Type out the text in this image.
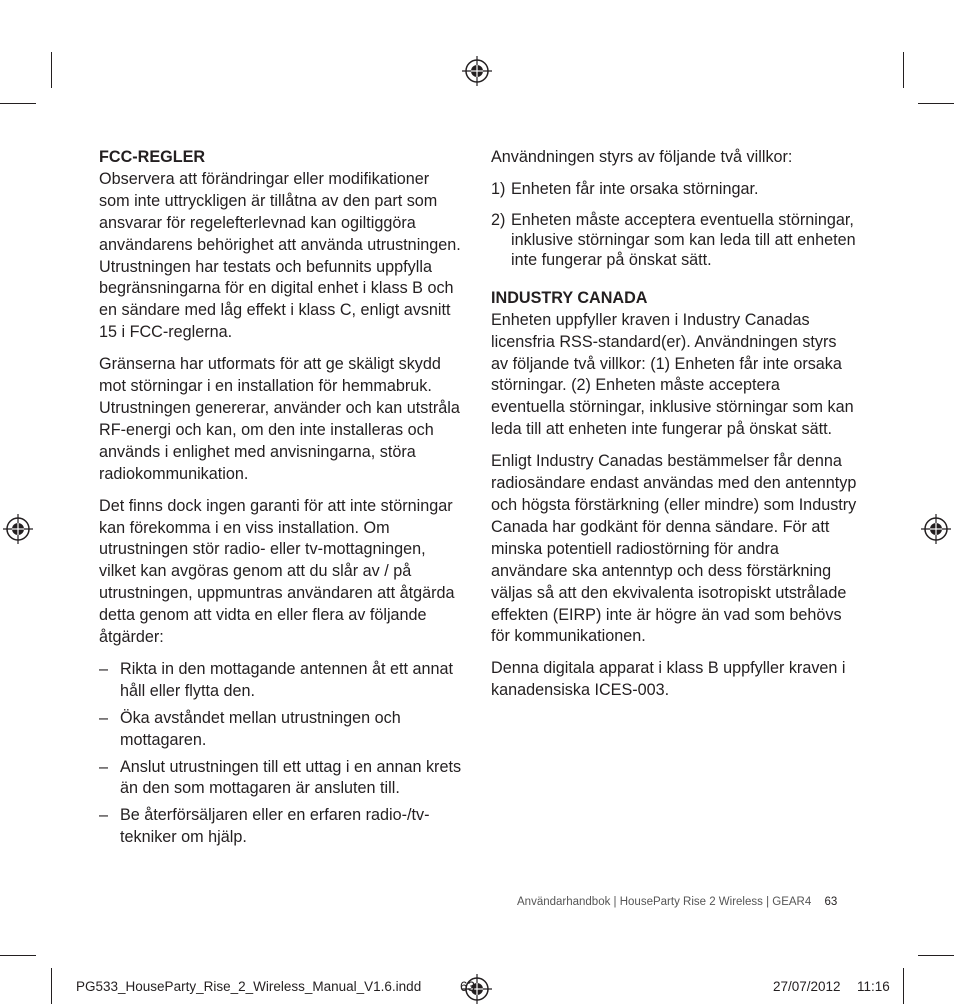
FCC-REGLER
Observera att förändringar eller modifikationer som inte uttryckligen är tillåtna av den part som ansvarar för regelefterlevnad kan ogiltiggöra användarens behörighet att använda utrustningen. Utrustningen har testats och befunnits uppfylla begränsningarna för en digital enhet i klass B och en sändare med låg effekt i klass C, enligt avsnitt 15 i FCC-reglerna.

Gränserna har utformats för att ge skäligt skydd mot störningar i en installation för hemmabruk. Utrustningen genererar, använder och kan utstråla RF-energi och kan, om den inte installeras och används i enlighet med anvisningarna, störa radiokommunikation.

Det finns dock ingen garanti för att inte störningar kan förekomma i en viss installation. Om utrustningen stör radio- eller tv-mottagningen, vilket kan avgöras genom att du slår av / på utrustningen, uppmuntras användaren att åtgärda detta genom att vidta en eller flera av följande åtgärder:

– Rikta in den mottagande antennen åt ett annat håll eller flytta den.
– Öka avståndet mellan utrustningen och mottagaren.
– Anslut utrustningen till ett uttag i en annan krets än den som mottagaren är ansluten till.
– Be återförsäljaren eller en erfaren radio-/tv-tekniker om hjälp.

Användningen styrs av följande två villkor:

1) Enheten får inte orsaka störningar.
2) Enheten måste acceptera eventuella störningar, inklusive störningar som kan leda till att enheten inte fungerar på önskat sätt.

INDUSTRY CANADA
Enheten uppfyller kraven i Industry Canadas licensfria RSS-standard(er). Användningen styrs av följande två villkor: (1) Enheten får inte orsaka störningar. (2) Enheten måste acceptera eventuella störningar, inklusive störningar som kan leda till att enheten inte fungerar på önskat sätt.

Enligt Industry Canadas bestämmelser får denna radiosändare endast användas med den antenntyp och högsta förstärkning (eller mindre) som Industry Canada har godkänt för denna sändare. För att minska potentiell radiostörning för andra användare ska antenntyp och dess förstärkning väljas så att den ekvivalenta isotropiskt utstrålade effekten (EIRP) inte är högre än vad som behövs för kommunikationen.

Denna digitala apparat i klass B uppfyller kraven i kanadensiska ICES-003.

Användarhandbok | HouseParty Rise 2 Wireless | GEAR4 63
PG533_HouseParty_Rise_2_Wireless_Manual_V1.6.indd	63	27/07/2012 11:16
